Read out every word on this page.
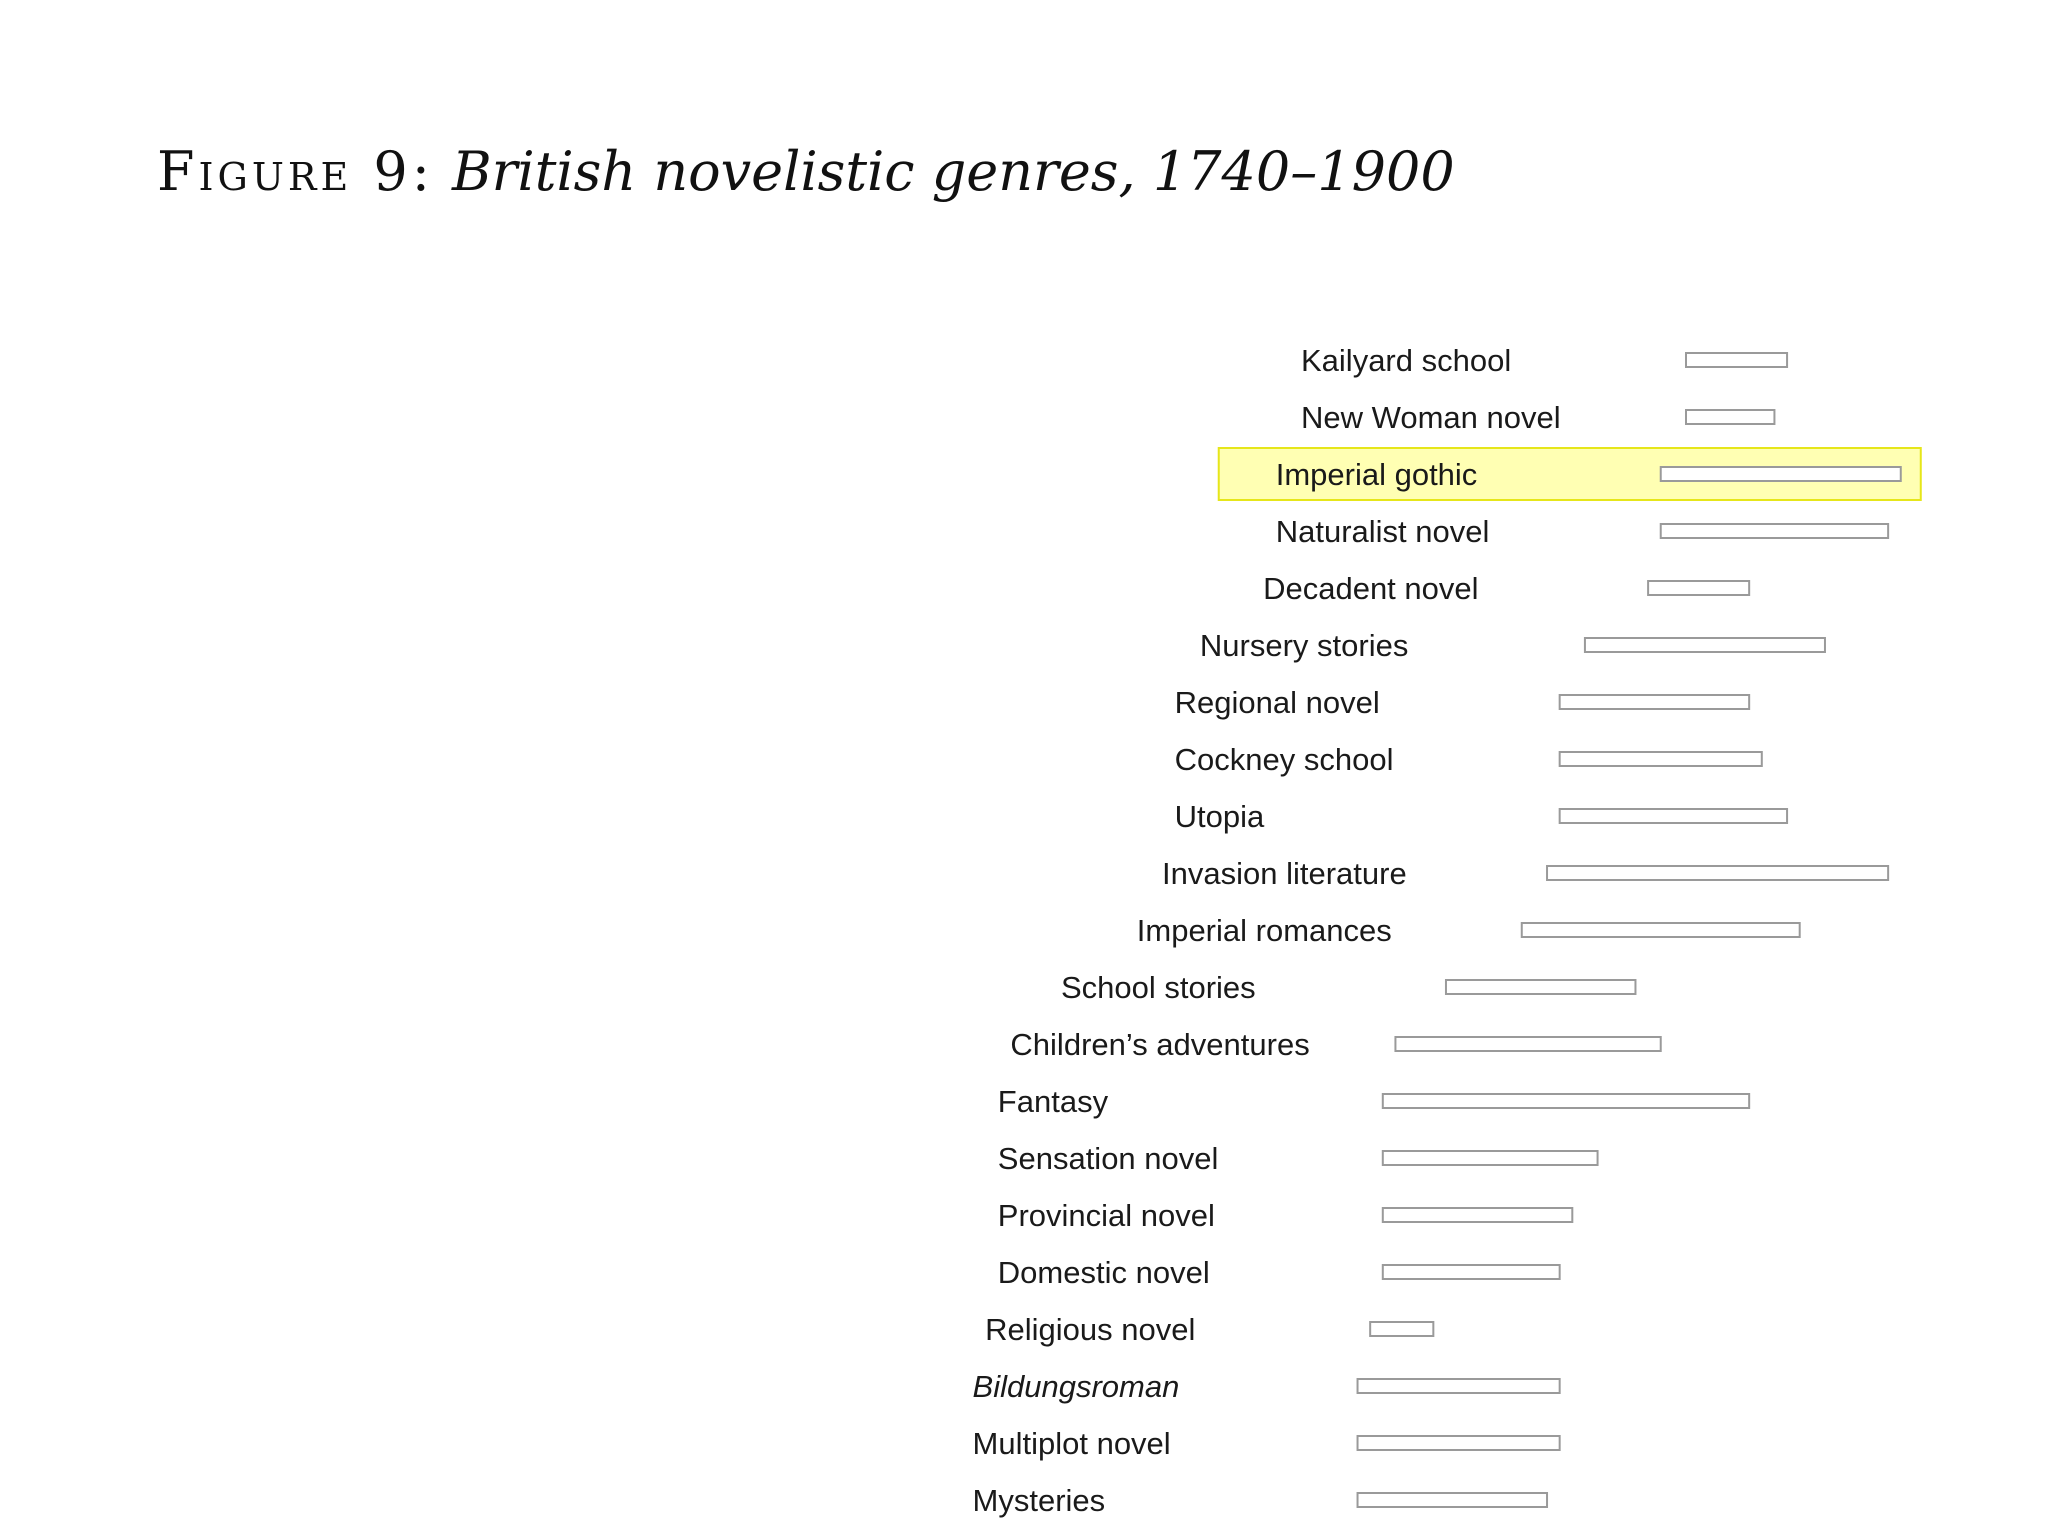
Figure 9: British novelistic genres, 1740–1900
Kailyard school
New Woman novel
Imperial gothic
Naturalist novel
Decadent novel
Nursery stories
Regional novel
Cockney school
Utopia
Invasion literature
Imperial romances
School stories
Children’s adventures
Fantasy
Sensation novel
Provincial novel
Domestic novel
Religious novel
Bildungsroman
Multiplot novel
Mysteries
